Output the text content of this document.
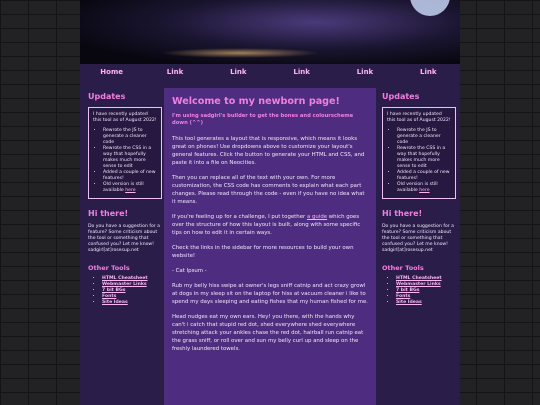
Home	Link	Link	Link	Link	Link
Updates

I have recently updated this tool as of August 2022!

• Rewrote the JS to generate a cleaner code
• Rewrote the CSS in a way that hopefully makes much more sense to edit
• Added a couple of new features!
• Old version is still available here
Hi there!

Do you have a suggestion for a feature? Some criticism about the tool or something that confused you? Let me know! sadgirl[at]rosesup.net

Other Tools
• HTML Cheatsheet
• Webmaster Links
• 7 bit BGs
• Fonts
• Site Ideas
Welcome to my newborn page!

I'm using sadgirl's builder to get the bones and colourscheme down (^^)

This tool generates a layout that is responsive, which means it looks great on phones! Use dropdowns above to customize your layout's general features. Click the button to generate your HTML and CSS, and paste it into a file on Neocities.

Then you can replace all of the text with your own. For more customization, the CSS code has comments to explain what each part changes. Please read through the code - even if you have no idea what it means.

If you're feeling up for a challenge, I put together a guide which goes over the structure of how this layout is built, along with some specific tips on how to edit it in certain ways.

Check the links in the sidebar for more resources to build your own website!

- Cat Ipsum -

Rub my belly hiss swipe at owner's legs sniff catnip and act crazy growl at dogs in my sleep sit on the laptop for hiss at vacuum cleaner i like to spend my days sleeping and eating fishes that my human fished for me.

Head nudges eat my own ears. Hey! you there, with the hands why can't i catch that stupid red dot, shed everywhere shed everywhere stretching attack your ankles chase the red dot, hairball run catnip eat the grass sniff, or roll over and sun my belly curl up and sleep on the freshly laundered towels.

Updates

I have recently updated this tool as of August 2022!

• Rewrote the JS to generate a cleaner code
• Rewrote the CSS in a way that hopefully makes much more sense to edit
• Added a couple of new features!
• Old version is still available here
Hi there!

Do you have a suggestion for a feature? Some criticism about the tool or something that confused you? Let me know! sadgirl[at]rosesup.net

Other Tools
• HTML Cheatsheet
• Webmaster Links
• 7 bit BGs
• Fonts
• Site Ideas
